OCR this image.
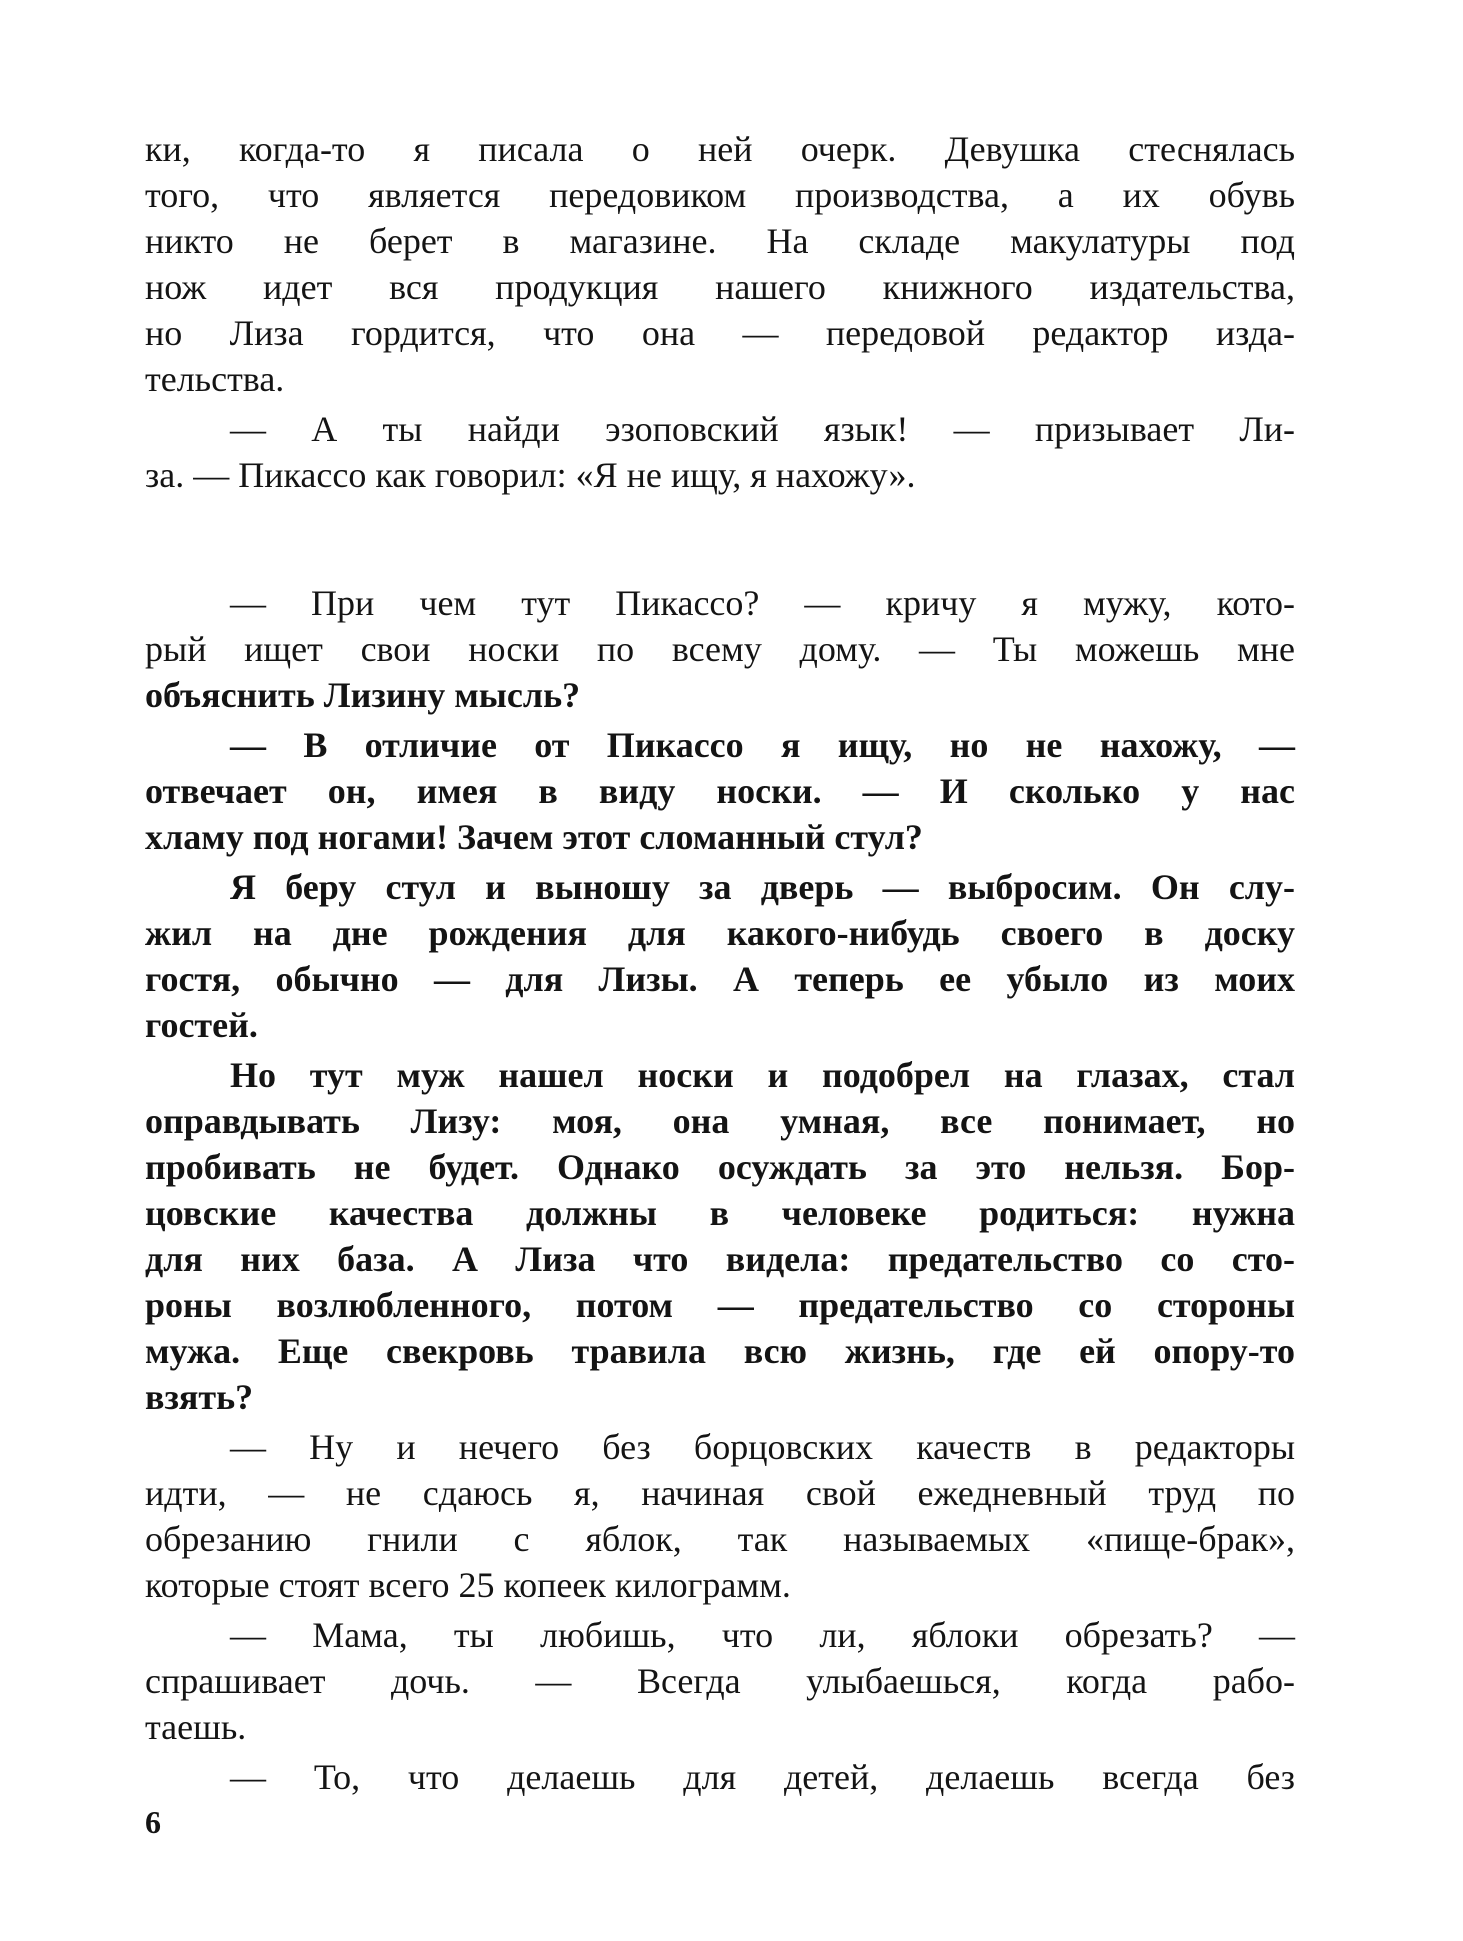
ки, когда-то я писала о ней очерк. Девушка стеснялась
того, что является передовиком производства, а их обувь
никто не берет в магазине. На складе макулатуры под
нож идет вся продукция нашего книжного издательства,
но Лиза гордится, что она — передовой редактор изда-
тельства.
— А ты найди эзоповский язык! — призывает Ли-
за. — Пикассо как говорил: «Я не ищу, я нахожу».
— При чем тут Пикассо? — кричу я мужу, кото-
рый ищет свои носки по всему дому. — Ты можешь мне
объяснить Лизину мысль?
— В отличие от Пикассо я ищу, но не нахожу, —
отвечает он, имея в виду носки. — И сколько у нас
хламу под ногами! Зачем этот сломанный стул?
Я беру стул и выношу за дверь — выбросим. Он слу-
жил на дне рождения для какого-нибудь своего в доску
гостя, обычно — для Лизы. А теперь ее убыло из моих
гостей.
Но тут муж нашел носки и подобрел на глазах, стал
оправдывать Лизу: моя, она умная, все понимает, но
пробивать не будет. Однако осуждать за это нельзя. Бор-
цовские качества должны в человеке родиться: нужна
для них база. А Лиза что видела: предательство со сто-
роны возлюбленного, потом — предательство со стороны
мужа. Еще свекровь травила всю жизнь, где ей опору-то
взять?
— Ну и нечего без борцовских качеств в редакторы
идти, — не сдаюсь я, начиная свой ежедневный труд по
обрезанию гнили с яблок, так называемых «пище-брак»,
которые стоят всего 25 копеек килограмм.
— Мама, ты любишь, что ли, яблоки обрезать? —
спрашивает дочь. — Всегда улыбаешься, когда рабо-
таешь.
— То, что делаешь для детей, делаешь всегда без
6
